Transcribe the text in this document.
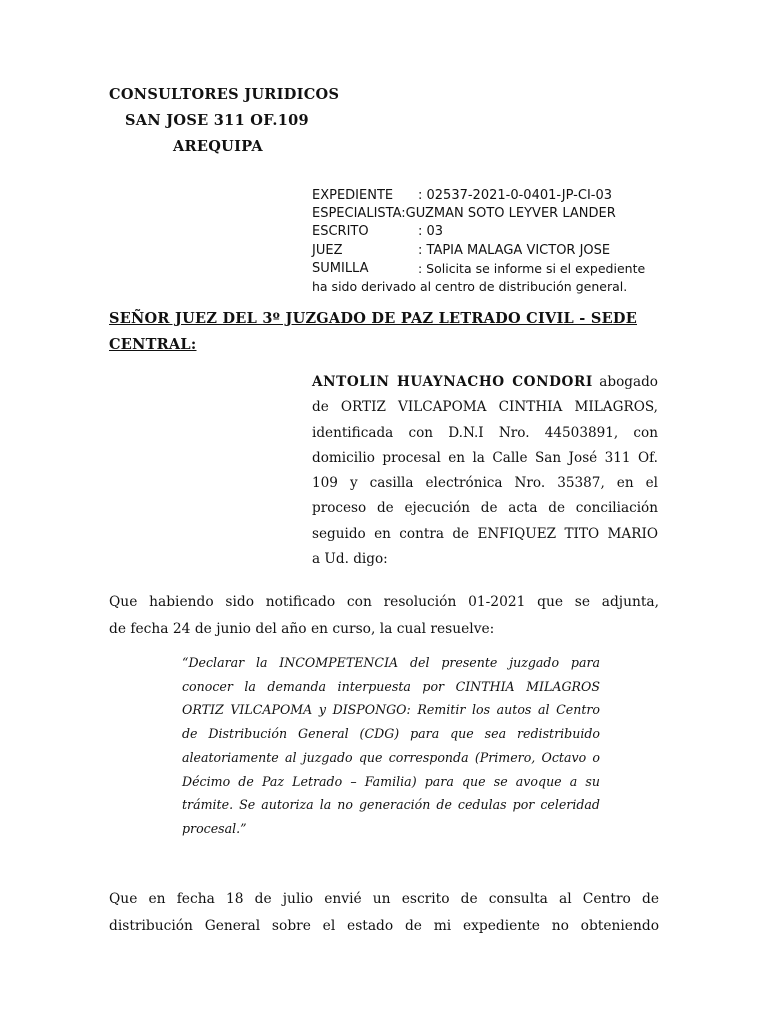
CONSULTORES JURIDICOS
SAN JOSE 311 OF.109
AREQUIPA
EXPEDIENTE	: 02537-2021-0-0401-JP-CI-03
ESPECIALISTA: GUZMAN SOTO LEYVER LANDER
ESCRITO	: 03
JUEZ	: TAPIA MALAGA VICTOR JOSE
SUMILLA	: Solicita se informe si el expediente
ha sido derivado al centro de distribución general.
SEÑOR JUEZ DEL 3º JUZGADO DE PAZ LETRADO CIVIL - SEDE
CENTRAL:
ANTOLIN HUAYNACHO CONDORI abogado
de ORTIZ VILCAPOMA CINTHIA MILAGROS,
identificada con D.N.I Nro. 44503891, con
domicilio procesal en la Calle San José 311 Of.
109 y casilla electrónica Nro. 35387, en el
proceso de ejecución de acta de conciliación
seguido en contra de ENFIQUEZ TITO MARIO
a Ud. digo:
Que habiendo sido notificado con resolución 01-2021 que se adjunta,
de fecha 24 de junio del año en curso, la cual resuelve:
“Declarar la INCOMPETENCIA del presente juzgado para
conocer la demanda interpuesta por CINTHIA MILAGROS
ORTIZ VILCAPOMA y DISPONGO: Remitir los autos al Centro
de Distribución General (CDG) para que sea redistribuido
aleatoriamente al juzgado que corresponda (Primero, Octavo o
Décimo de Paz Letrado – Familia) para que se avoque a su
trámite. Se autoriza la no generación de cedulas por celeridad
procesal.”
Que en fecha 18 de julio envié un escrito de consulta al Centro de
distribución General sobre el estado de mi expediente no obteniendo
